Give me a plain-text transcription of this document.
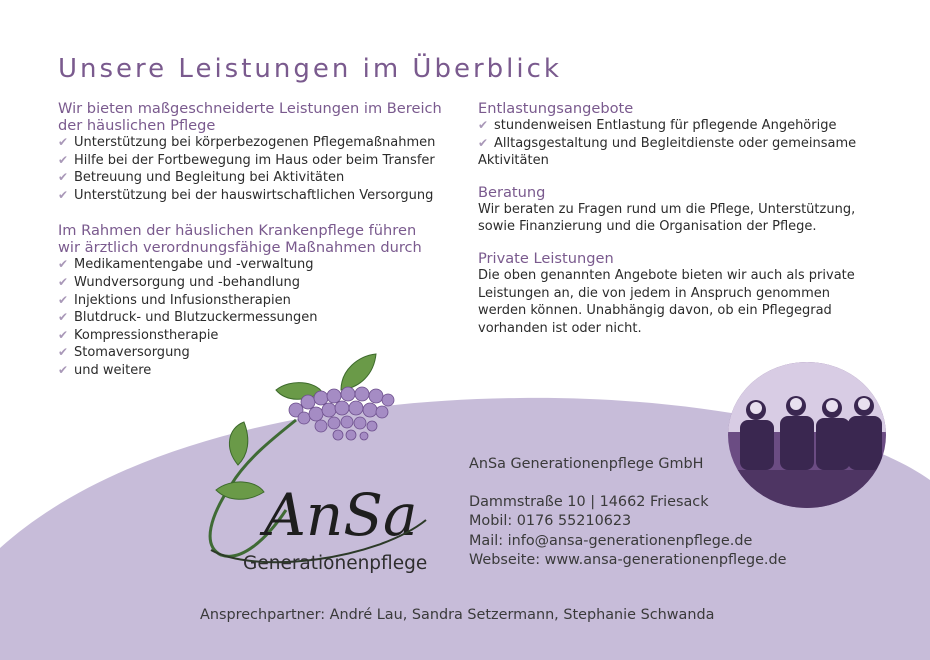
Unsere Leistungen im Überblick
Wir bieten maßgeschneiderte Leistungen im Bereich
der häuslichen Pflege
✔ Unterstützung bei körperbezogenen Pflegemaßnahmen
✔ Hilfe bei der Fortbewegung im Haus oder beim Transfer
✔ Betreuung und Begleitung bei Aktivitäten
✔ Unterstützung bei der hauswirtschaftlichen Versorgung
Im Rahmen der häuslichen Krankenpflege führen
wir ärztlich verordnungsfähige Maßnahmen durch
✔ Medikamentengabe und -verwaltung
✔ Wundversorgung und -behandlung
✔ Injektions und Infusionstherapien
✔ Blutdruck- und Blutzuckermessungen
✔ Kompressionstherapie
✔ Stomaversorgung
✔ und weitere
Entlastungsangebote
✔ stundenweisen Entlastung für pflegende Angehörige
✔ Alltagsgestaltung und Begleitdienste oder gemeinsame

Aktivitäten

Beratung

Wir beraten zu Fragen rund um die Pflege, Unterstützung,
sowie Finanzierung und die Organisation der Pflege.

Private Leistungen

Die oben genannten Angebote bieten wir auch als private
Leistungen an, die von jedem in Anspruch genommen
werden können. Unabhängig davon, ob ein Pflegegrad
vorhanden ist oder nicht.

AnSa
Generationenpflege
AnSa Generationenpflege GmbH
Dammstraße 10 | 14662 Friesack
Mobil: 0176 55210623
Mail: info@ansa-generationenpflege.de
Webseite: www.ansa-generationenpflege.de
Ansprechpartner: André Lau, Sandra Setzermann, Stephanie Schwanda
